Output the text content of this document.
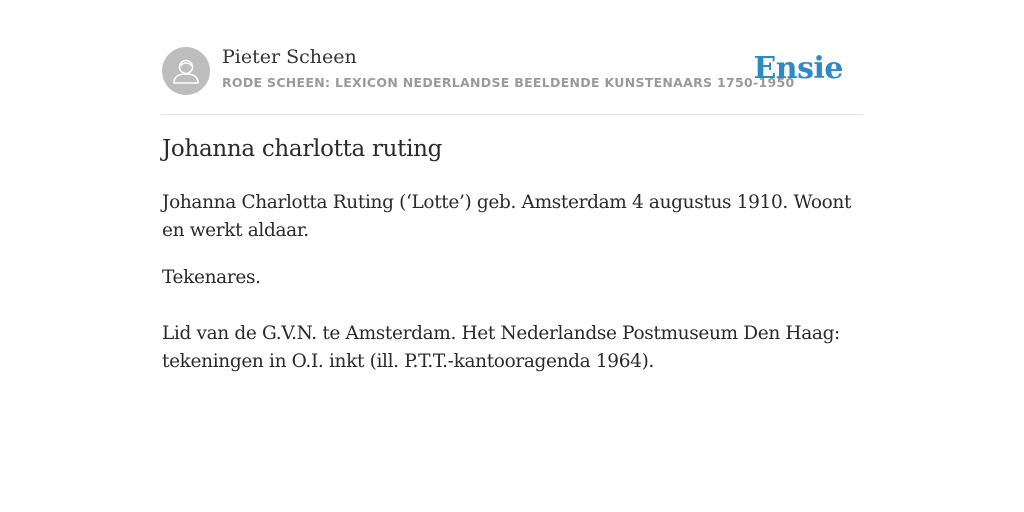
Pieter Scheen
RODE SCHEEN: LEXICON NEDERLANDSE BEELDENDE KUNSTENAARS 1750-1950
Ensie
Johanna charlotta ruting

Johanna Charlotta Ruting (‘Lotte’) geb. Amsterdam 4 augustus 1910. Woont en werkt aldaar.

Tekenares.

Lid van de G.V.N. te Amsterdam. Het Nederlandse Postmuseum Den Haag: tekeningen in O.I. inkt (ill. P.T.T.-kantooragenda 1964).
